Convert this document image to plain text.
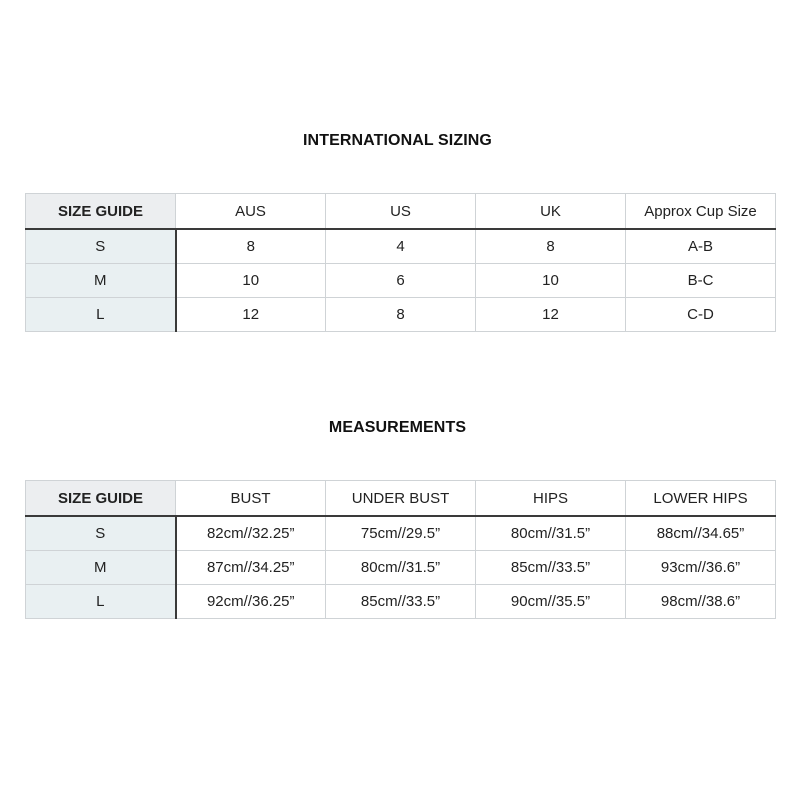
INTERNATIONAL SIZING
SIZE GUIDE	AUS	US	UK	Approx Cup Size
S	8	4	8	A-B
M	10	6	10	B-C
L	12	8	12	C-D
MEASUREMENTS
SIZE GUIDE	BUST	UNDER BUST	HIPS	LOWER HIPS
S	82cm//32.25”	75cm//29.5”	80cm//31.5”	88cm//34.65”
M	87cm//34.25”	80cm//31.5”	85cm//33.5”	93cm//36.6”
L	92cm//36.25”	85cm//33.5”	90cm//35.5”	98cm//38.6”
